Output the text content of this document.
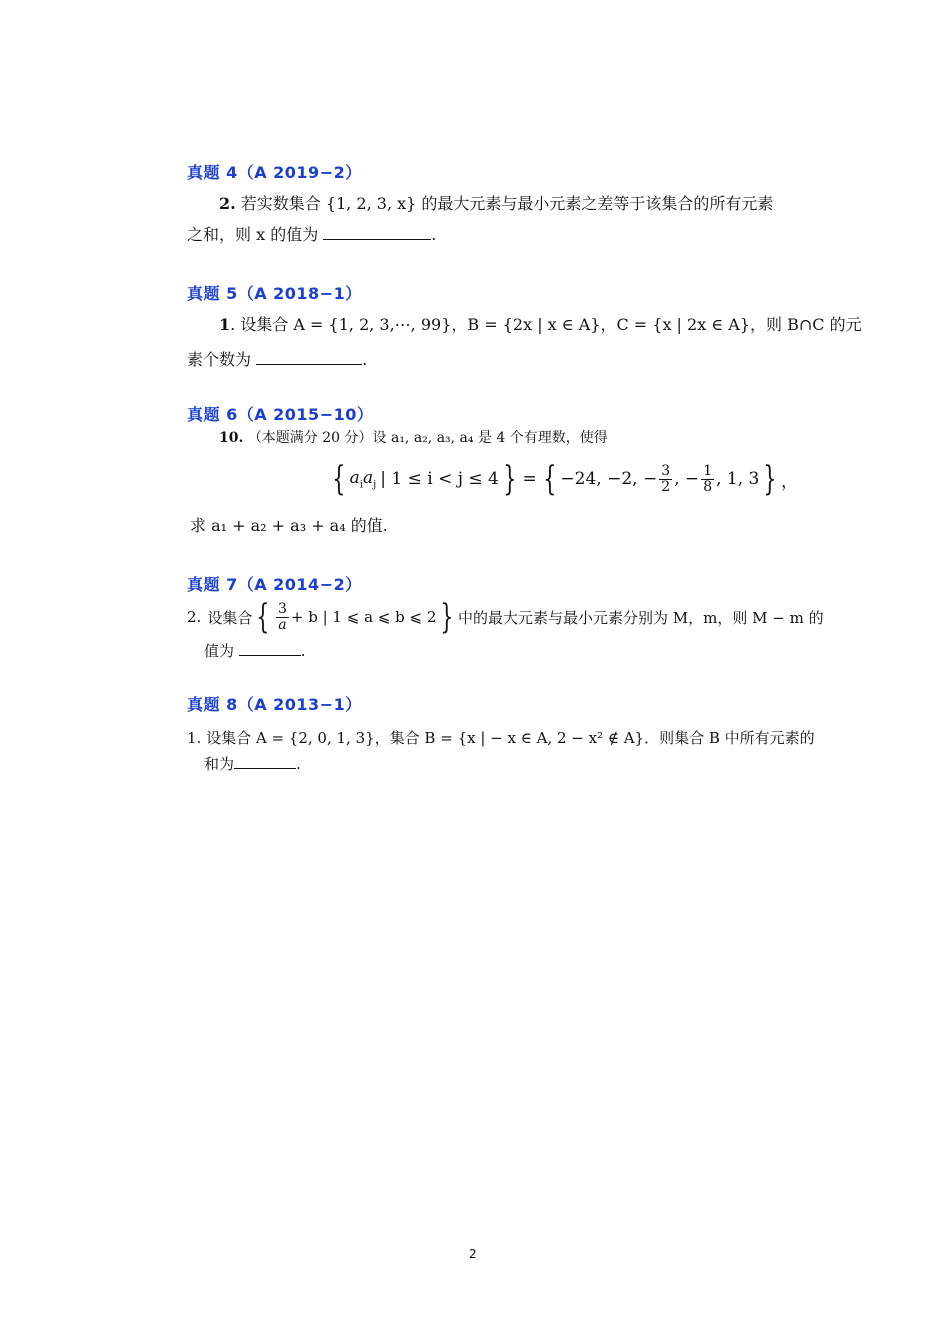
真题 4（A 2019−2）
2. 若实数集合 {1, 2, 3, x} 的最大元素与最小元素之差等于该集合的所有元素
之和，则 x 的值为	.
真题 5（A 2018−1）
1. 设集合 A = {1, 2, 3,⋯, 99}，B = {2x | x ∈ A}，C = {x | 2x ∈ A}，则 B∩C 的元
素个数为	.
真题 6（A 2015−10）
10. （本题满分 20 分）设 a₁, a₂, a₃, a₄ 是 4 个有理数，使得
{ $a_ia_j$ | 1 ≤ i < j ≤ 4 } = { −24, −2, − $\frac{3}{2}$ , − $\frac{1}{8}$ , 1, 3 } ，
求 a₁ + a₂ + a₃ + a₄ 的值.
真题 7（A 2014−2）
2. 设集合 { $\frac{3}{a} + b$ | 1 ⩽ a ⩽ b ⩽ 2 } 中的最大元素与最小元素分别为 M，m，则 M − m 的
值为	.
真题 8（A 2013−1）
1. 设集合 A = {2, 0, 1, 3}，集合 B = {x | − x ∈ A, 2 − x² ∉ A}．则集合 B 中所有元素的
和为	.
2
